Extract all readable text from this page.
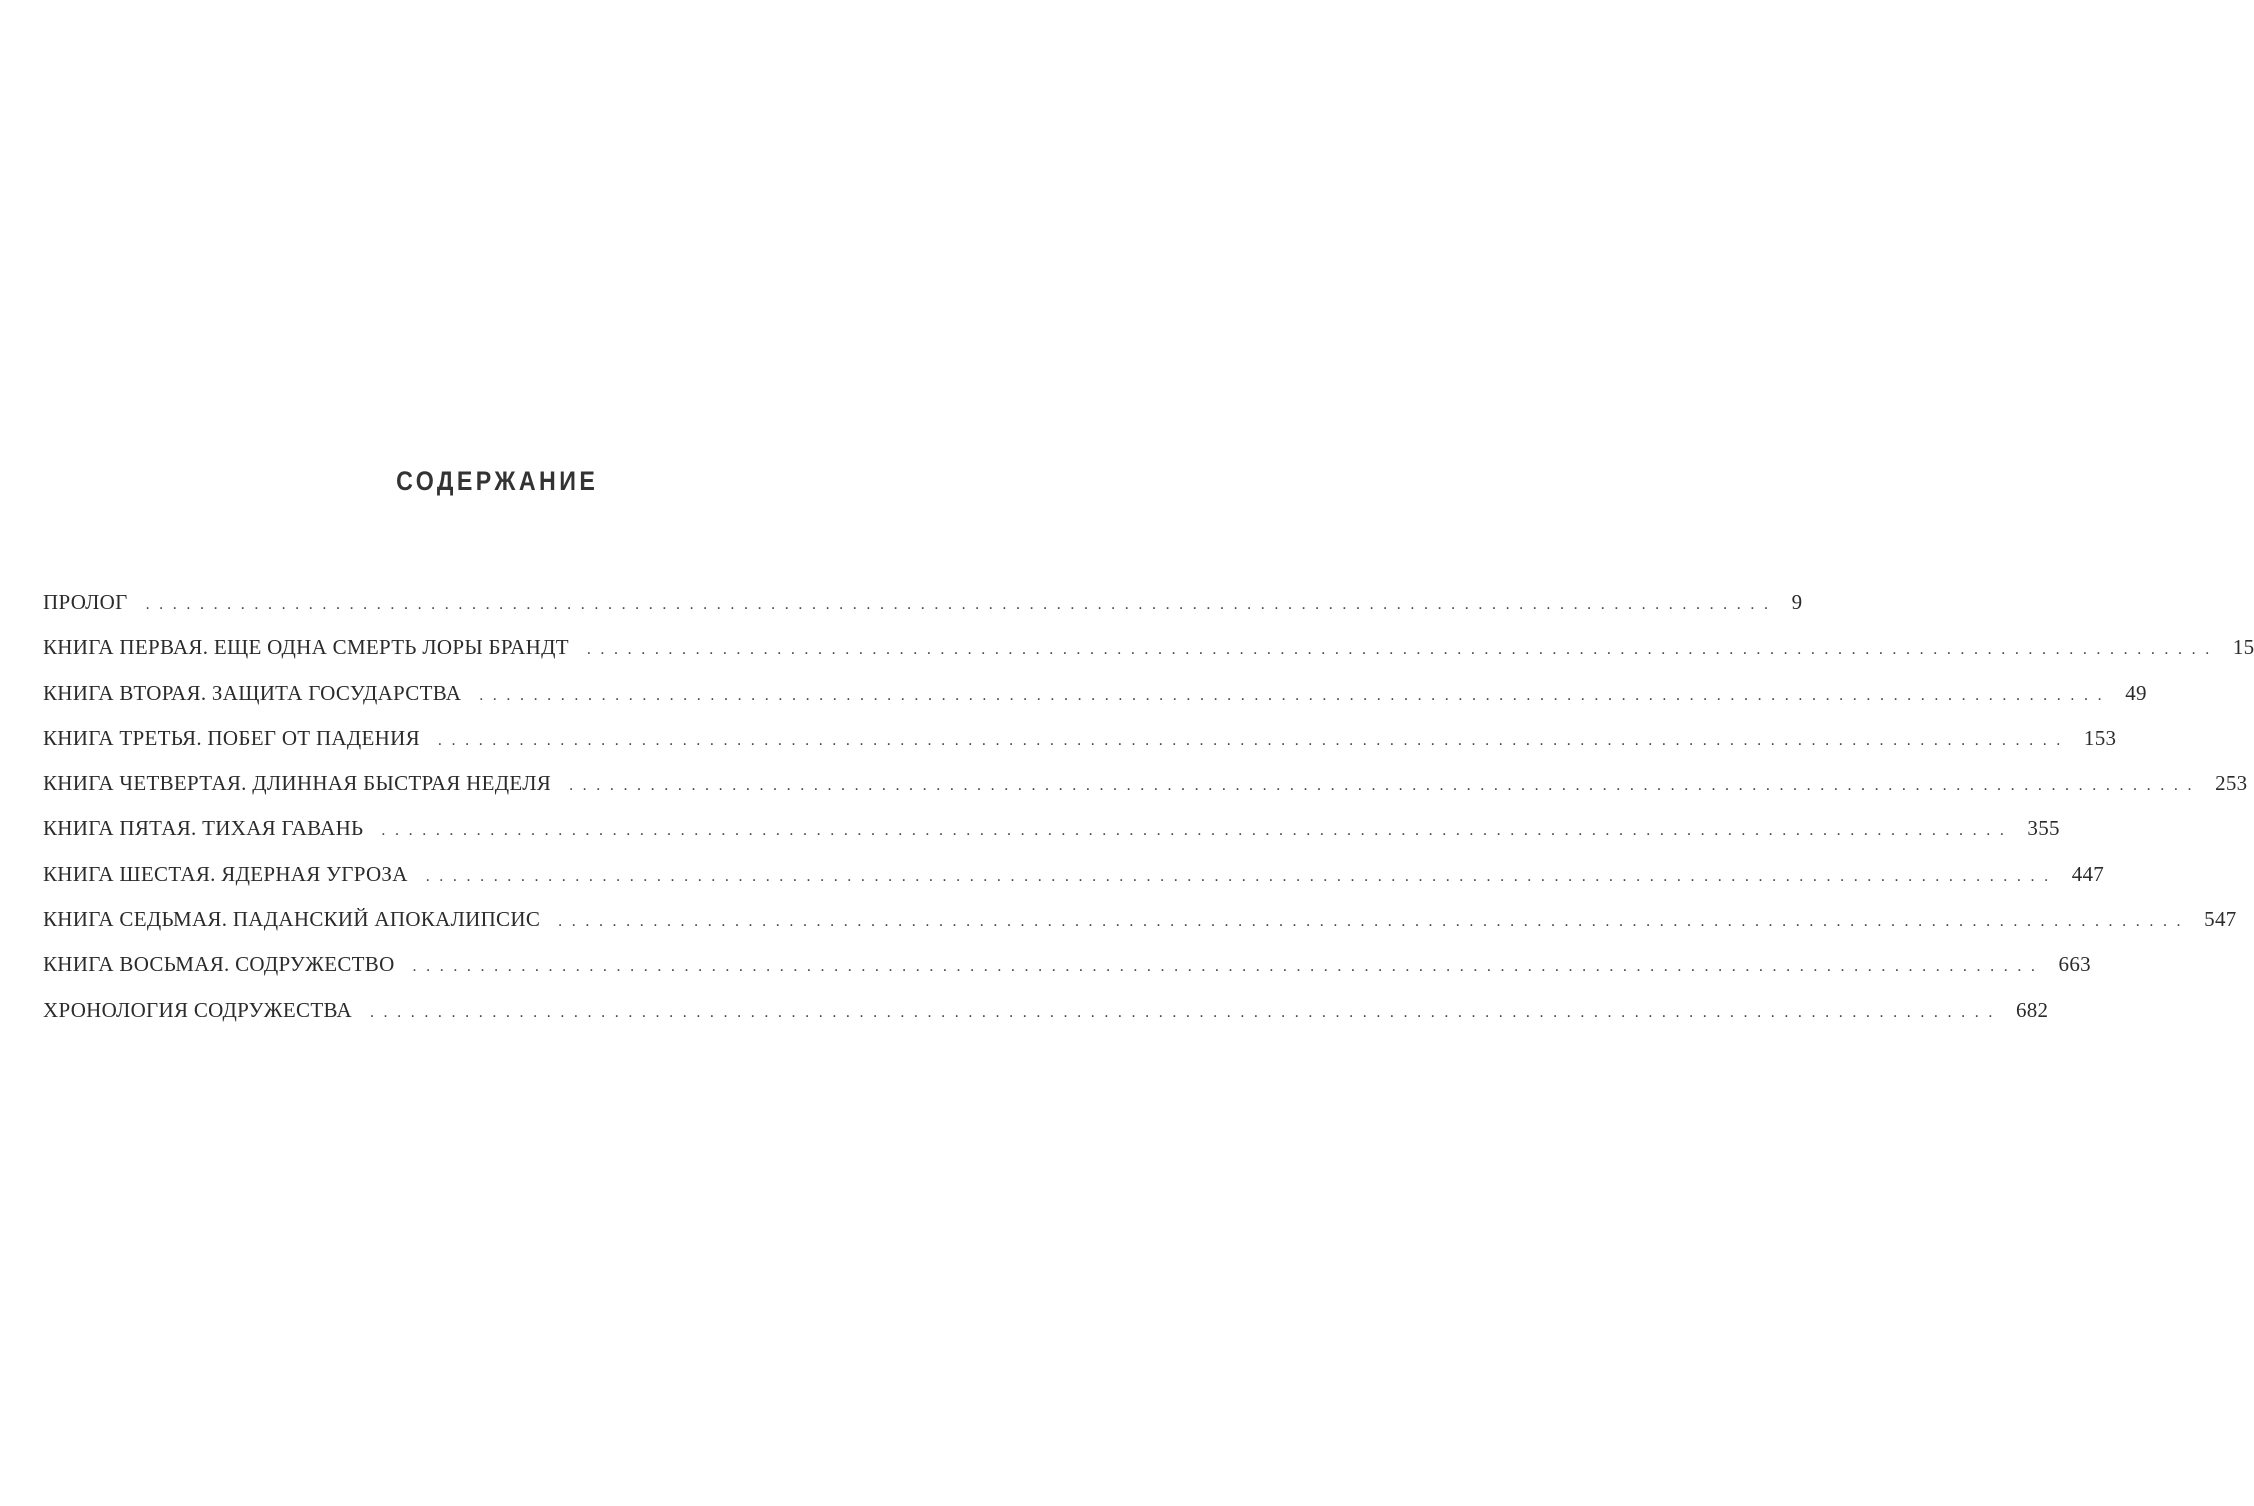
СОДЕРЖАНИЕ
ПРОЛОГ ........................................................................................................................ 9
КНИГА ПЕРВАЯ. ЕЩЕ ОДНА СМЕРТЬ ЛОРЫ БРАНДТ ........................................................................................................................ 15
КНИГА ВТОРАЯ. ЗАЩИТА ГОСУДАРСТВА ........................................................................................................................ 49
КНИГА ТРЕТЬЯ. ПОБЕГ ОТ ПАДЕНИЯ ........................................................................................................................ 153
КНИГА ЧЕТВЕРТАЯ. ДЛИННАЯ БЫСТРАЯ НЕДЕЛЯ ........................................................................................................................ 253
КНИГА ПЯТАЯ. ТИХАЯ ГАВАНЬ ........................................................................................................................ 355
КНИГА ШЕСТАЯ. ЯДЕРНАЯ УГРОЗА ........................................................................................................................ 447
КНИГА СЕДЬМАЯ. ПАДАНСКИЙ АПОКАЛИПСИС ........................................................................................................................ 547
КНИГА ВОСЬМАЯ. СОДРУЖЕСТВО ........................................................................................................................ 663
ХРОНОЛОГИЯ СОДРУЖЕСТВА ........................................................................................................................ 682
